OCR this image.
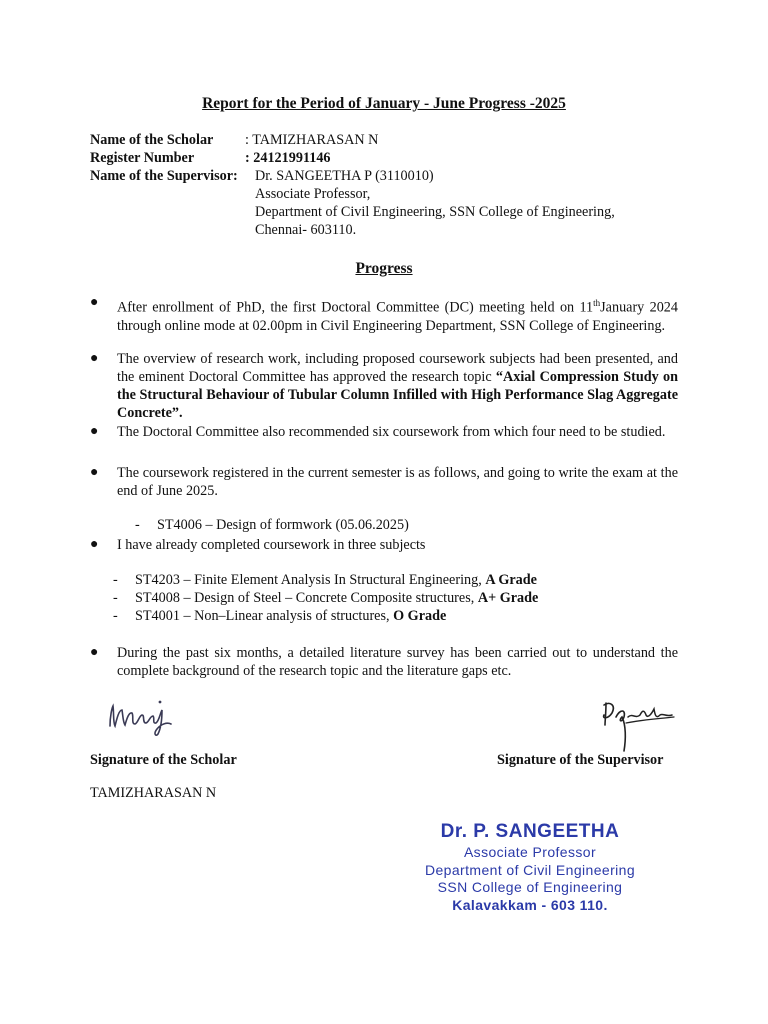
Report for the Period of January - June Progress -2025
Name of the Scholar	: TAMIZHARASAN N
Register Number	: 24121991146
Name of the Supervisor:	Dr. SANGEETHA P (3110010)
Associate Professor,
Department of Civil Engineering, SSN College of Engineering,
Chennai- 603110.
Progress
● After enrollment of PhD, the first Doctoral Committee (DC) meeting held on 11thJanuary 2024 through online mode at 02.00pm in Civil Engineering Department, SSN College of Engineering.
● The overview of research work, including proposed coursework subjects had been presented, and the eminent Doctoral Committee has approved the research topic “Axial Compression Study on the Structural Behaviour of Tubular Column Infilled with High Performance Slag Aggregate Concrete”.
● The Doctoral Committee also recommended six coursework from which four need to be studied.
● The coursework registered in the current semester is as follows, and going to write the exam at the end of June 2025.
- ST4006 – Design of formwork (05.06.2025)
● I have already completed coursework in three subjects
- ST4203 – Finite Element Analysis In Structural Engineering, A Grade
- ST4008 – Design of Steel – Concrete Composite structures, A+ Grade
- ST4001 – Non–Linear analysis of structures, O Grade
● During the past six months, a detailed literature survey has been carried out to understand the complete background of the research topic and the literature gaps etc.
Signature of the Scholar	Signature of the Supervisor
TAMIZHARASAN N
Dr. P. SANGEETHA
Associate Professor
Department of Civil Engineering
SSN College of Engineering
Kalavakkam - 603 110.
